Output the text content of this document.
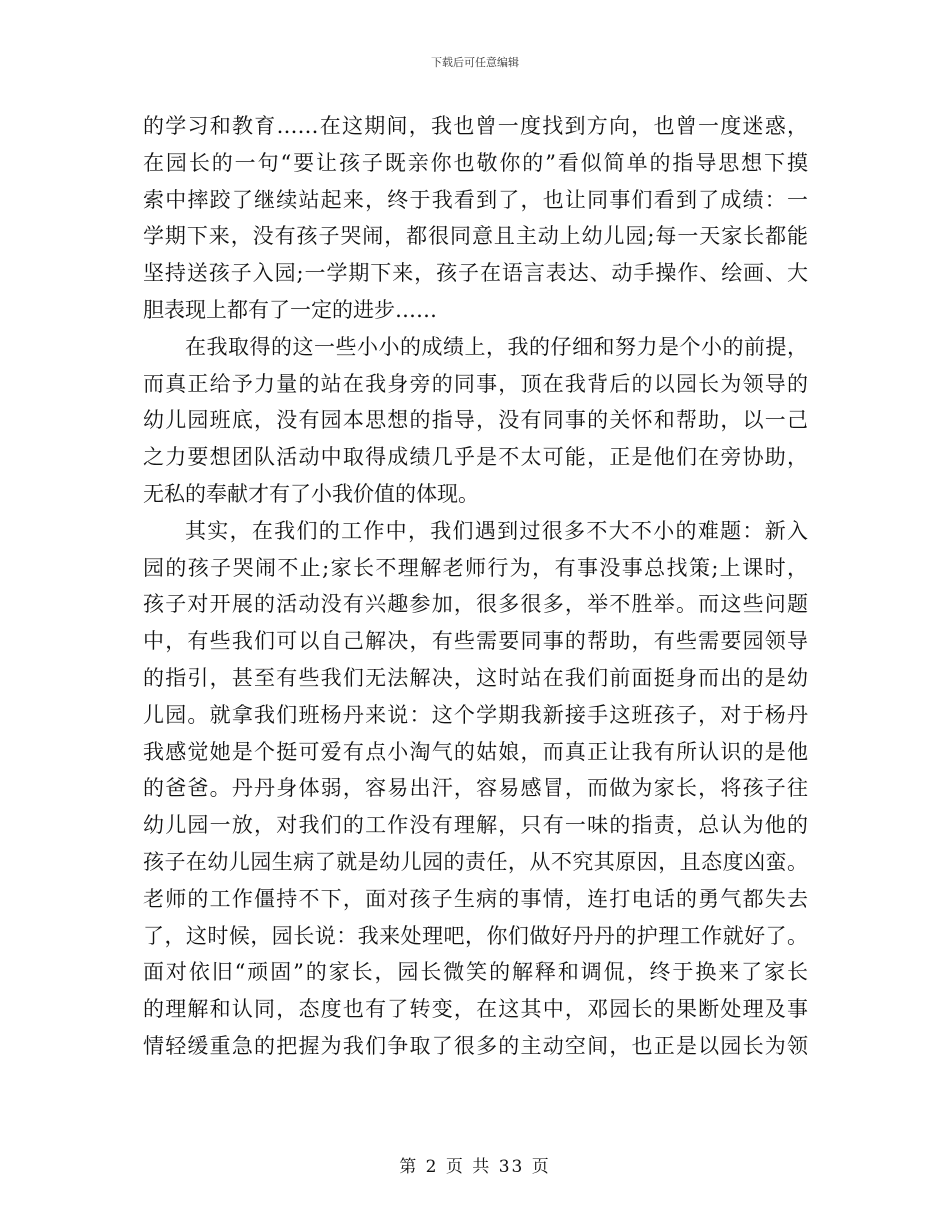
下载后可任意编辑
的学习和教育……在这期间，我也曾一度找到方向，也曾一度迷惑，
在园长的一句“要让孩子既亲你也敬你的”看似简单的指导思想下摸
索中摔跤了继续站起来，终于我看到了，也让同事们看到了成绩：一
学期下来，没有孩子哭闹，都很同意且主动上幼儿园;每一天家长都能
坚持送孩子入园;一学期下来，孩子在语言表达、动手操作、绘画、大
胆表现上都有了一定的进步……
在我取得的这一些小小的成绩上，我的仔细和努力是个小的前提，
而真正给予力量的站在我身旁的同事，顶在我背后的以园长为领导的
幼儿园班底，没有园本思想的指导，没有同事的关怀和帮助，以一己
之力要想团队活动中取得成绩几乎是不太可能，正是他们在旁协助，
无私的奉献才有了小我价值的体现。
其实，在我们的工作中，我们遇到过很多不大不小的难题：新入
园的孩子哭闹不止;家长不理解老师行为，有事没事总找策;上课时，
孩子对开展的活动没有兴趣参加，很多很多，举不胜举。而这些问题
中，有些我们可以自己解决，有些需要同事的帮助，有些需要园领导
的指引，甚至有些我们无法解决，这时站在我们前面挺身而出的是幼
儿园。就拿我们班杨丹来说：这个学期我新接手这班孩子，对于杨丹
我感觉她是个挺可爱有点小淘气的姑娘，而真正让我有所认识的是他
的爸爸。丹丹身体弱，容易出汗，容易感冒，而做为家长，将孩子往
幼儿园一放，对我们的工作没有理解，只有一味的指责，总认为他的
孩子在幼儿园生病了就是幼儿园的责任，从不究其原因，且态度凶蛮。
老师的工作僵持不下，面对孩子生病的事情，连打电话的勇气都失去
了，这时候，园长说：我来处理吧，你们做好丹丹的护理工作就好了。
面对依旧“顽固”的家长，园长微笑的解释和调侃，终于换来了家长
的理解和认同，态度也有了转变，在这其中，邓园长的果断处理及事
情轻缓重急的把握为我们争取了很多的主动空间，也正是以园长为领
第 2 页 共 33 页
